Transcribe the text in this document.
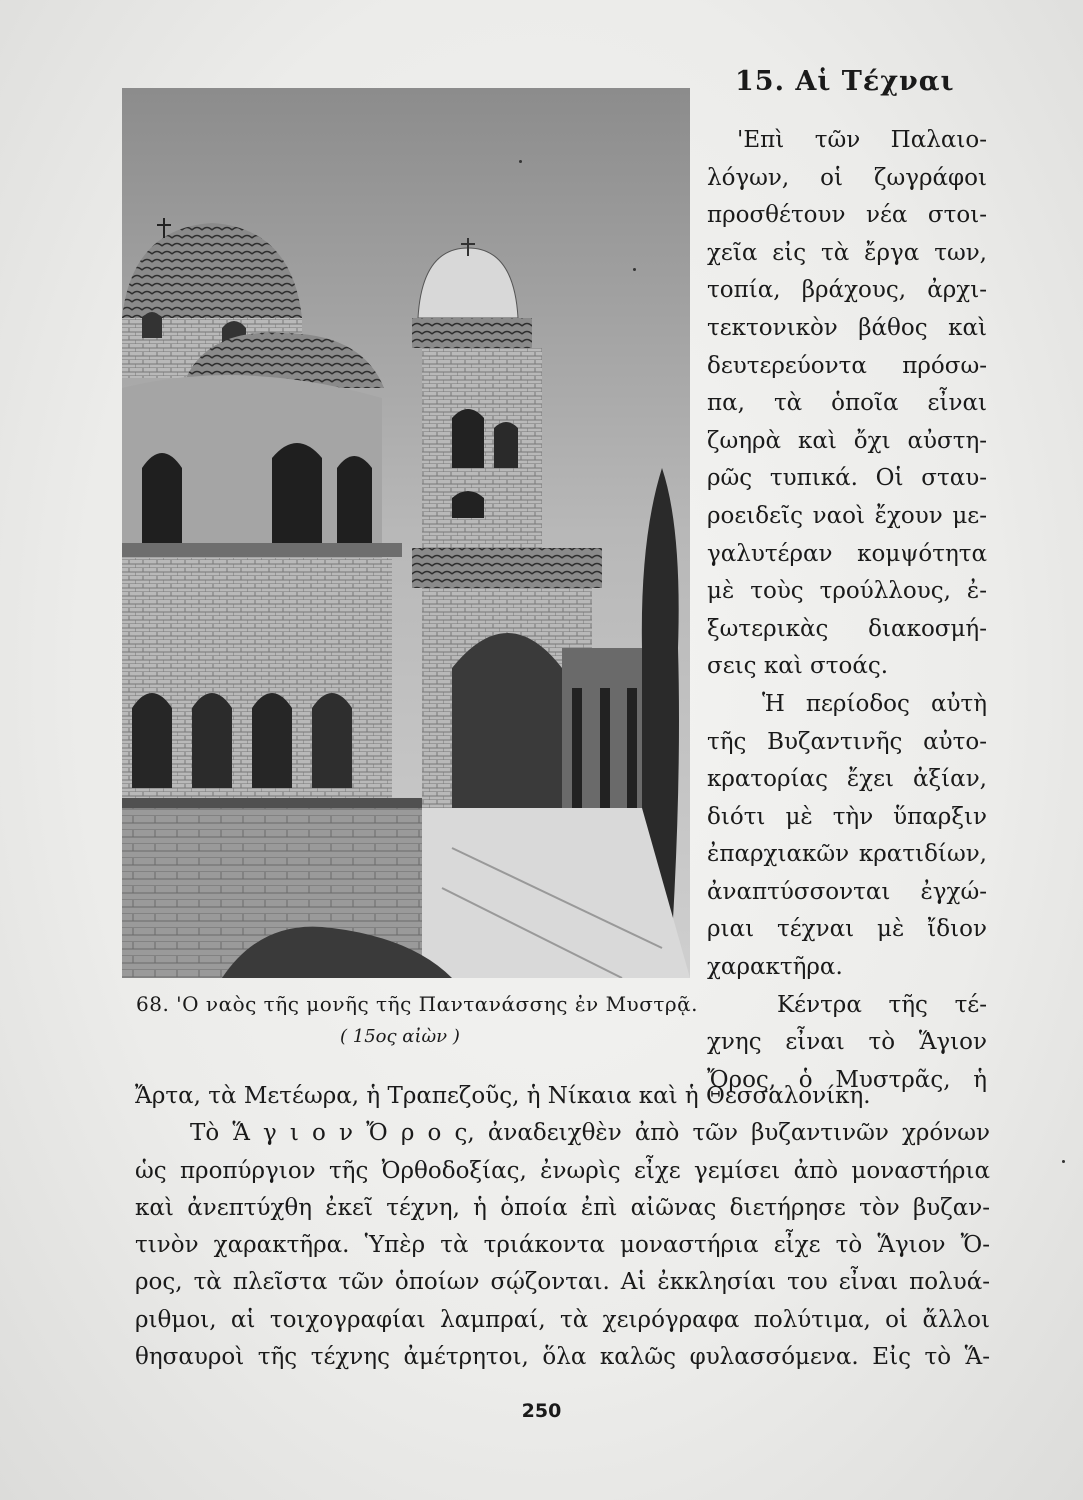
68. 'Ο ναὸς τῆς μονῆς τῆς Παντανάσσης ἐν Μυστρᾷ.
( 15ος αἰὼν )
15. Αἱ Τέχναι
'Επὶ τῶν Παλαιο-
λόγων, οἱ ζωγράφοι
προσθέτουν νέα στοι-
χεῖα εἰς τὰ ἔργα των,
τοπία, βράχους, ἀρχι-
τεκτονικὸν βάθος καὶ
δευτερεύοντα πρόσω-
πα, τὰ ὁποῖα εἶναι
ζωηρὰ καὶ ὄχι αὐστη-
ρῶς τυπικά. Οἱ σταυ-
ροειδεῖς ναοὶ ἔχουν με-
γαλυτέραν κομψότητα
μὲ τοὺς τρούλλους, ἐ-
ξωτερικὰς διακοσμή-
σεις καὶ στοάς.
Ἡ περίοδος αὐτὴ
τῆς Βυζαντινῆς αὐτο-
κρατορίας ἔχει ἀξίαν,
διότι μὲ τὴν ὕπαρξιν
ἐπαρχιακῶν κρατιδίων,
ἀναπτύσσονται ἐγχώ-
ριαι τέχναι μὲ ἴδιον
χαρακτῆρα.
Κέντρα τῆς τέ-
χνης εἶναι τὸ Ἅγιον
Ὄρος, ὁ Μυστρᾶς, ἡ
Ἄρτα, τὰ Μετέωρα, ἡ Τραπεζοῦς, ἡ Νίκαια καὶ ἡ Θεσσαλονίκη.
Τὸ Ἅ γ ι ο ν Ὄ ρ ο ς, ἀναδειχθὲν ἀπὸ τῶν βυζαντινῶν χρόνων
ὡς προπύργιον τῆς Ὀρθοδοξίας, ἐνωρὶς εἶχε γεμίσει ἀπὸ μοναστήρια
καὶ ἀνεπτύχθη ἐκεῖ τέχνη, ἡ ὁποία ἐπὶ αἰῶνας διετήρησε τὸν βυζαν-
τινὸν χαρακτῆρα. Ὑπὲρ τὰ τριάκοντα μοναστήρια εἶχε τὸ Ἅγιον Ὄ-
ρος, τὰ πλεῖστα τῶν ὁποίων σῴζονται. Αἱ ἐκκλησίαι του εἶναι πολυά-
ριθμοι, αἱ τοιχογραφίαι λαμπραί, τὰ χειρόγραφα πολύτιμα, οἱ ἄλλοι
θησαυροὶ τῆς τέχνης ἀμέτρητοι, ὅλα καλῶς φυλασσόμενα. Εἰς τὸ Ἅ-
250
